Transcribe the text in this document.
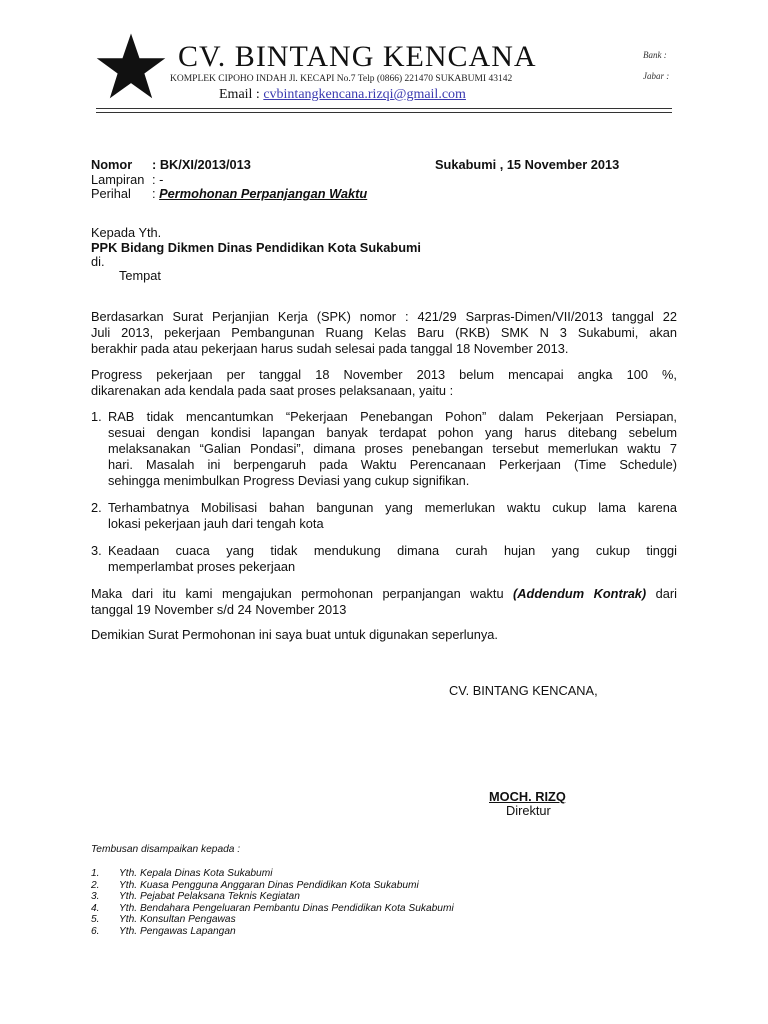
CV. BINTANG KENCANA
KOMPLEK CIPOHO INDAH Jl. KECAPI No.7 Telp (0866) 221470 SUKABUMI 43142
Email : cvbintangkencana.rizqi@gmail.com
Bank :
Jabar :
Nomor : BK/XI/2013/013	Sukabumi , 15 November 2013
Lampiran : -
Perihal : Permohonan Perpanjangan Waktu
Kepada Yth.
PPK Bidang Dikmen Dinas Pendidikan Kota Sukabumi
di.
Tempat
Berdasarkan Surat Perjanjian Kerja (SPK) nomor : 421/29 Sarpras-Dimen/VII/2013 tanggal 22
Juli 2013, pekerjaan Pembangunan Ruang Kelas Baru (RKB) SMK N 3 Sukabumi, akan
berakhir pada atau pekerjaan harus sudah selesai pada tanggal 18 November 2013.
Progress pekerjaan per tanggal 18 November 2013 belum mencapai angka 100 %,
dikarenakan ada kendala pada saat proses pelaksanaan, yaitu :
1. RAB tidak mencantumkan “Pekerjaan Penebangan Pohon” dalam Pekerjaan Persiapan,
sesuai dengan kondisi lapangan banyak terdapat pohon yang harus ditebang sebelum
melaksanakan “Galian Pondasi”, dimana proses penebangan tersebut memerlukan waktu 7
hari. Masalah ini berpengaruh pada Waktu Perencanaan Perkerjaan (Time Schedule)
sehingga menimbulkan Progress Deviasi yang cukup signifikan.
2. Terhambatnya Mobilisasi bahan bangunan yang memerlukan waktu cukup lama karena
lokasi pekerjaan jauh dari tengah kota
3. Keadaan cuaca yang tidak mendukung dimana curah hujan yang cukup tinggi
memperlambat proses pekerjaan
Maka dari itu kami mengajukan permohonan perpanjangan waktu (Addendum Kontrak) dari
tanggal 19 November s/d 24 November 2013
Demikian Surat Permohonan ini saya buat untuk digunakan seperlunya.
CV. BINTANG KENCANA,
MOCH. RIZQ
Direktur
Tembusan disampaikan kepada :
1. Yth. Kepala Dinas Kota Sukabumi
2. Yth. Kuasa Pengguna Anggaran Dinas Pendidikan Kota Sukabumi
3. Yth. Pejabat Pelaksana Teknis Kegiatan
4. Yth. Bendahara Pengeluaran Pembantu Dinas Pendidikan Kota Sukabumi
5. Yth. Konsultan Pengawas
6. Yth. Pengawas Lapangan
